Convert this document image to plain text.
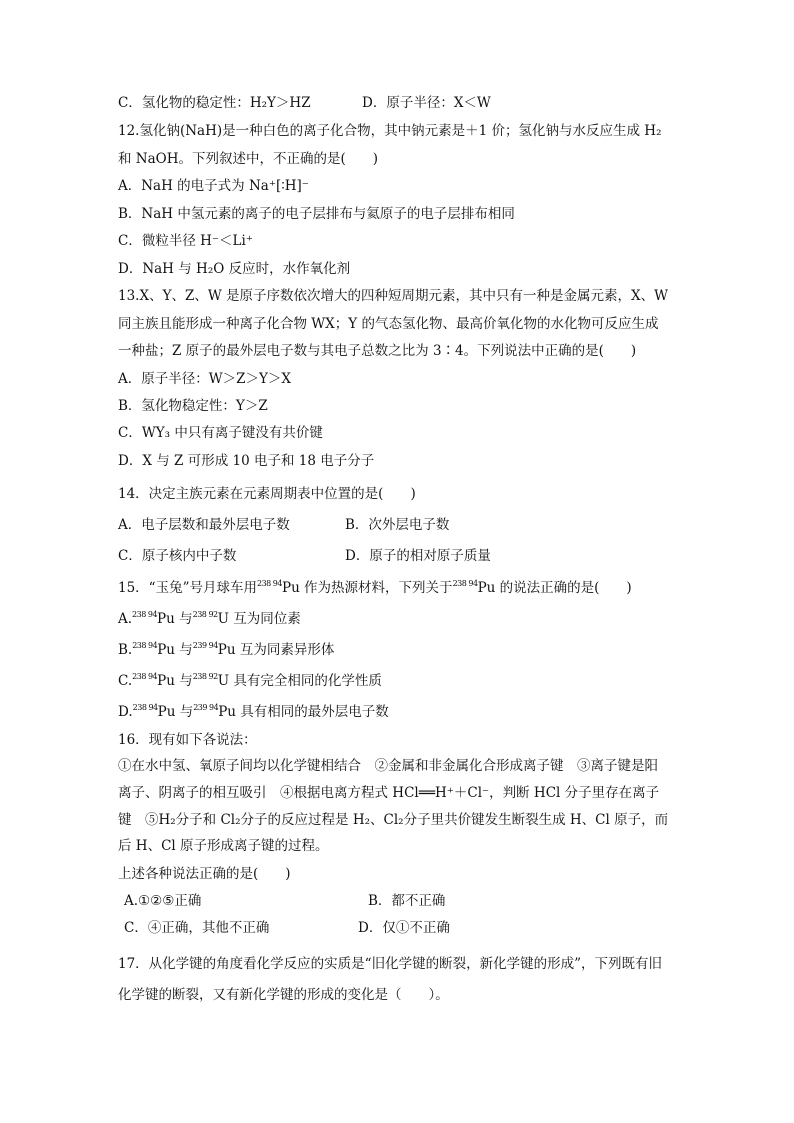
C．氢化物的稳定性：H₂Y＞HZ	D．原子半径：X＜W
12.氢化钠(NaH)是一种白色的离子化合物，其中钠元素是＋1 价；氢化钠与水反应生成 H₂
和 NaOH。下列叙述中，不正确的是(　　)
A．NaH 的电子式为 Na⁺[∶H]⁻
B．NaH 中氢元素的离子的电子层排布与氦原子的电子层排布相同
C．微粒半径 H⁻＜Li⁺
D．NaH 与 H₂O 反应时，水作氧化剂
13.X、Y、Z、W 是原子序数依次增大的四种短周期元素，其中只有一种是金属元素，X、W
同主族且能形成一种离子化合物 WX；Y 的气态氢化物、最高价氧化物的水化物可反应生成
一种盐；Z 原子的最外层电子数与其电子总数之比为 3∶4。下列说法中正确的是(　　)
A．原子半径：W＞Z＞Y＞X
B．氢化物稳定性：Y＞Z
C．WY₃ 中只有离子键没有共价键
D．X 与 Z 可形成 10 电子和 18 电子分子
14．决定主族元素在元素周期表中位置的是(　　)
A．电子层数和最外层电子数	B．次外层电子数
C．原子核内中子数	D．原子的相对原子质量
15．“玉兔”号月球车用$^{238 94}$Pu 作为热源材料，下列关于$^{238 94}$Pu 的说法正确的是(　　)
A.$^{238 94}$Pu 与$^{238 92}$U 互为同位素
B.$^{238 94}$Pu 与$^{239 94}$Pu 互为同素异形体
C.$^{238 94}$Pu 与$^{238 92}$U 具有完全相同的化学性质
D.$^{238 94}$Pu 与$^{239 94}$Pu 具有相同的最外层电子数
16．现有如下各说法：
①在水中氢、氧原子间均以化学键相结合　②金属和非金属化合形成离子键　③离子键是阳
离子、阴离子的相互吸引　④根据电离方程式 HCl══H⁺＋Cl⁻，判断 HCl 分子里存在离子
键　⑤H₂分子和 Cl₂分子的反应过程是 H₂、Cl₂分子里共价键发生断裂生成 H、Cl 原子，而
后 H、Cl 原子形成离子键的过程。
上述各种说法正确的是(　　)
A.①②⑤正确	B．都不正确
C．④正确，其他不正确	D．仅①不正确
17．从化学键的角度看化学反应的实质是“旧化学键的断裂，新化学键的形成”，下列既有旧
化学键的断裂，又有新化学键的形成的变化是（　　）。
